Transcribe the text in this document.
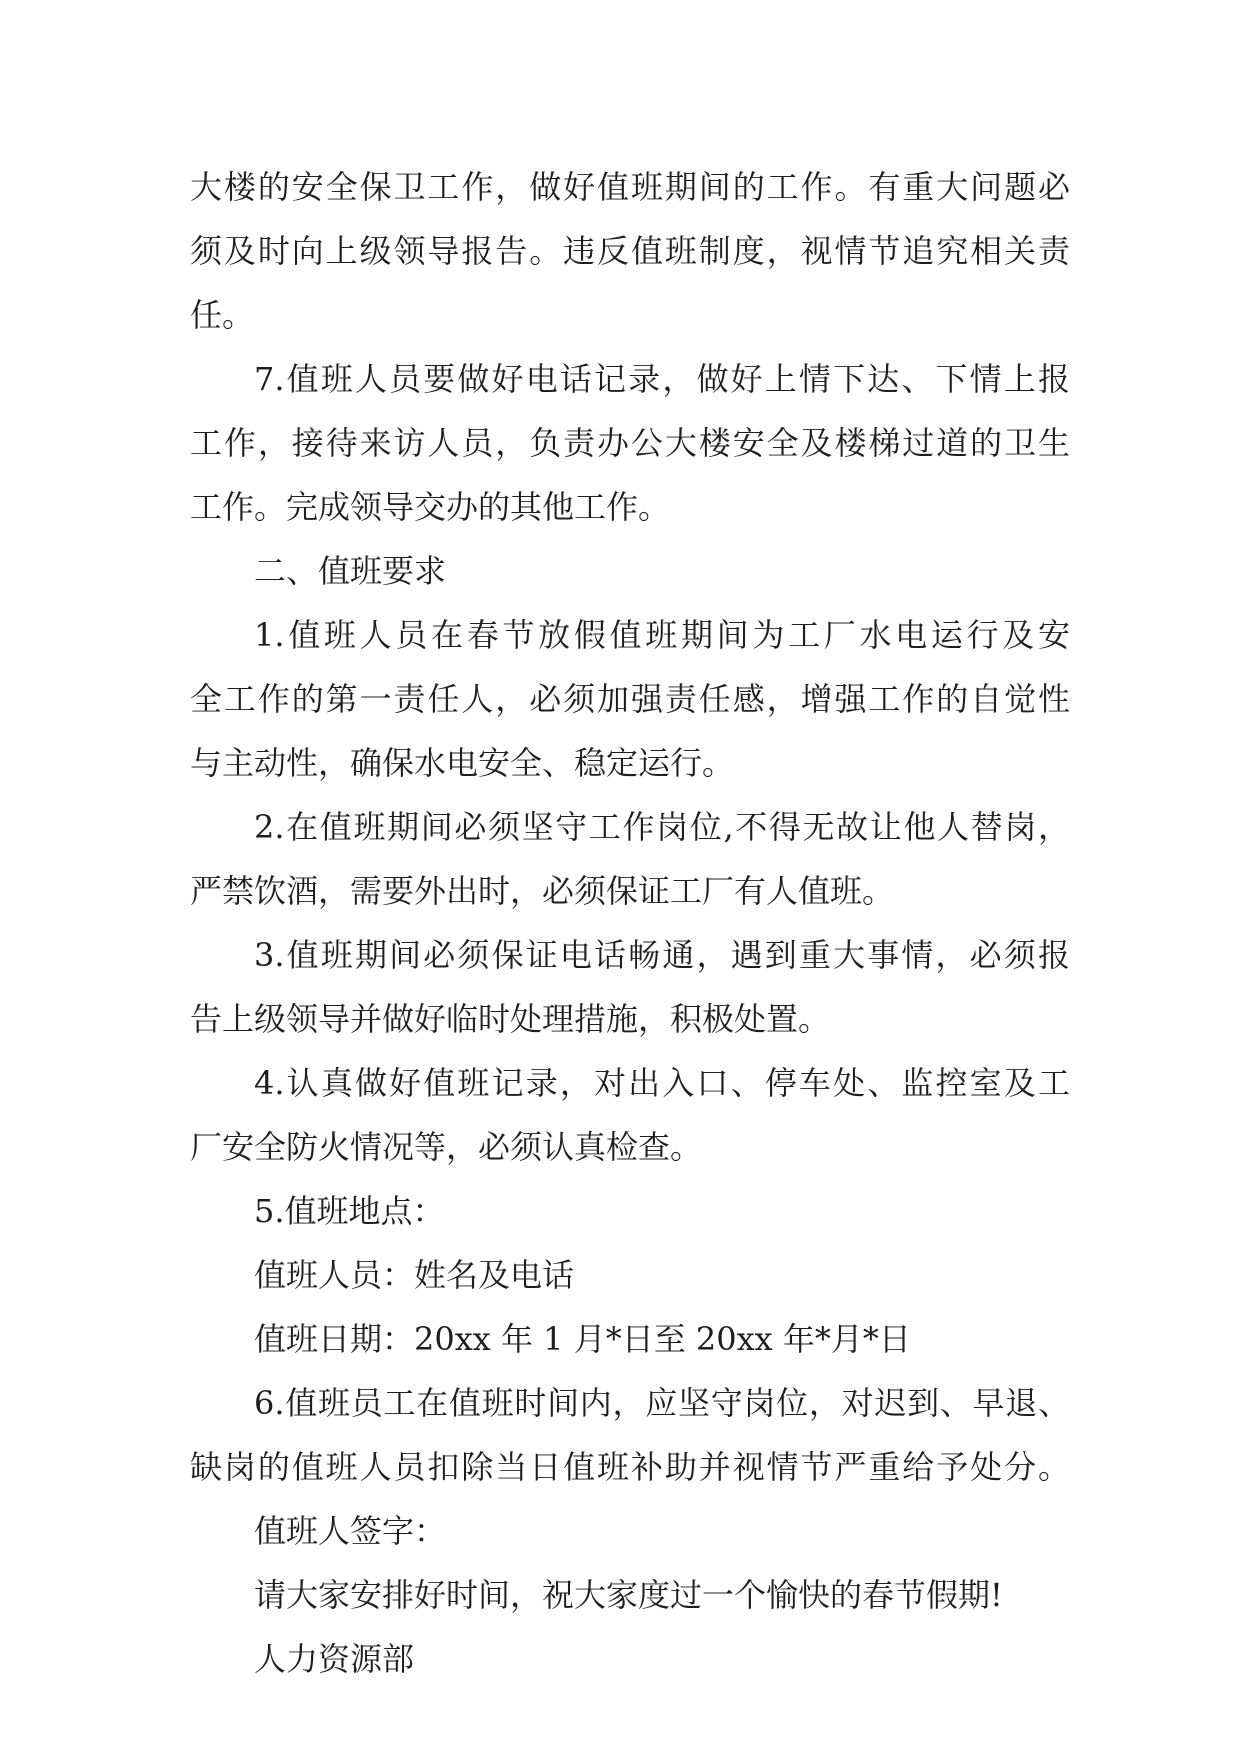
大楼的安全保卫工作，做好值班期间的工作。有重大问题必
须及时向上级领导报告。违反值班制度，视情节追究相关责
任。
7.值班人员要做好电话记录，做好上情下达、下情上报
工作，接待来访人员，负责办公大楼安全及楼梯过道的卫生
工作。完成领导交办的其他工作。
二、值班要求
1.值班人员在春节放假值班期间为工厂水电运行及安
全工作的第一责任人，必须加强责任感，增强工作的自觉性
与主动性，确保水电安全、稳定运行。
2.在值班期间必须坚守工作岗位,不得无故让他人替岗，
严禁饮酒，需要外出时，必须保证工厂有人值班。
3.值班期间必须保证电话畅通，遇到重大事情，必须报
告上级领导并做好临时处理措施，积极处置。
4.认真做好值班记录，对出入口、停车处、监控室及工
厂安全防火情况等，必须认真检查。
5.值班地点：
值班人员：姓名及电话
值班日期：20xx 年 1 月*日至 20xx 年*月*日
6.值班员工在值班时间内，应坚守岗位，对迟到、早退、
缺岗的值班人员扣除当日值班补助并视情节严重给予处分。
值班人签字：
请大家安排好时间，祝大家度过一个愉快的春节假期!
人力资源部
